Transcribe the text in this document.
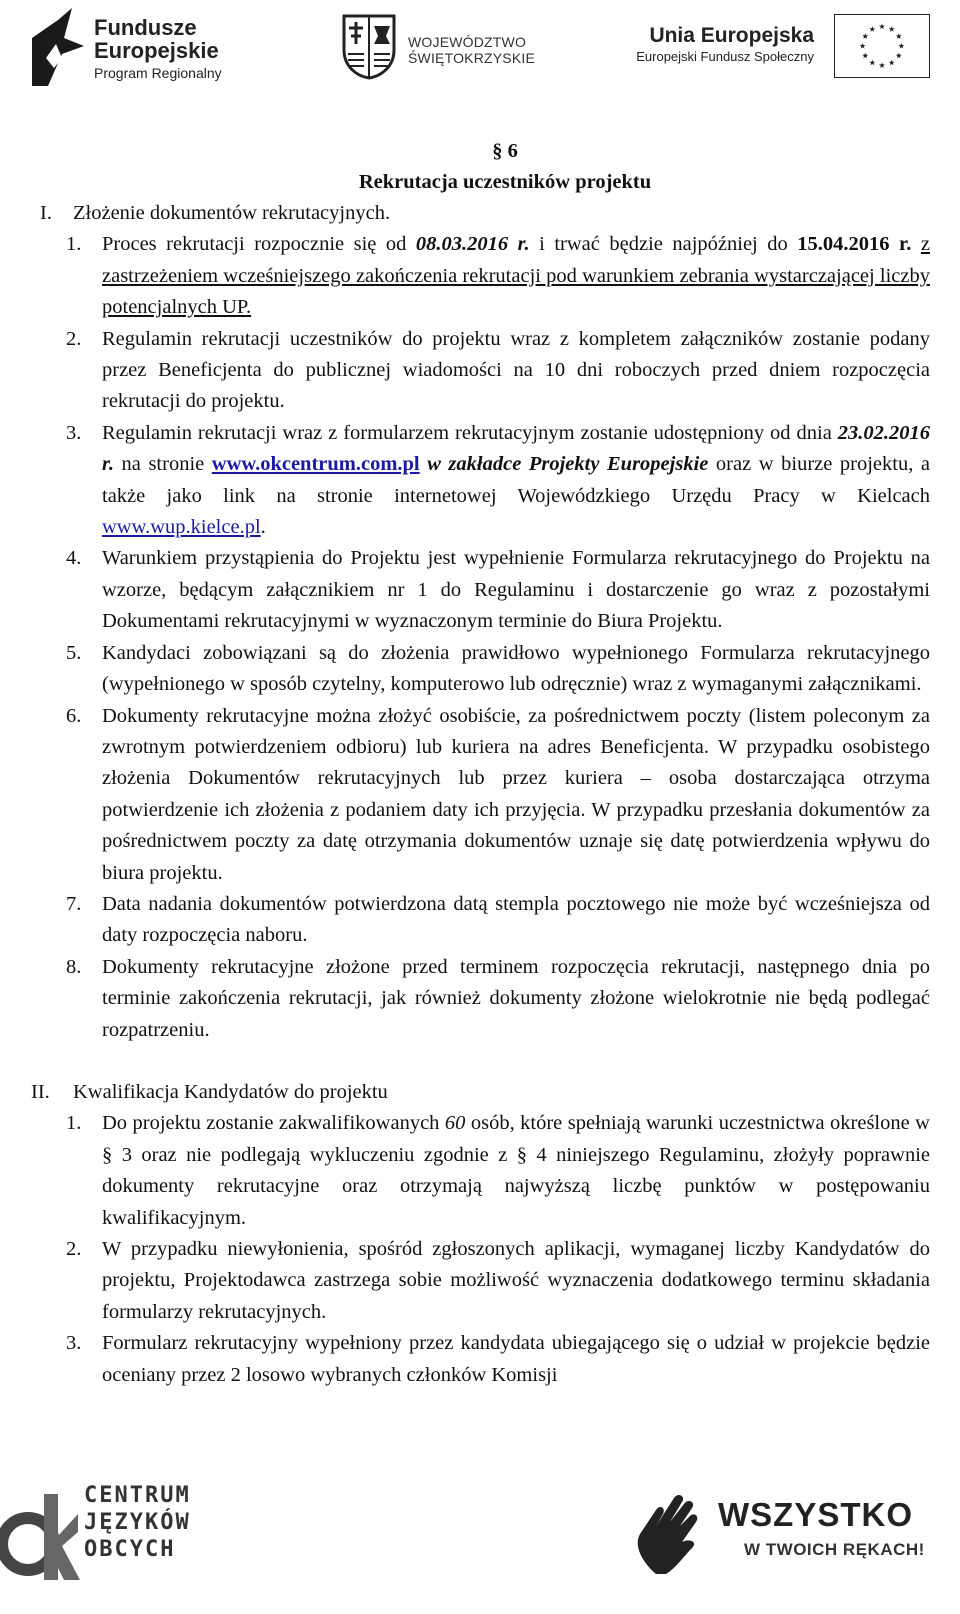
Fundusze
Europejskie
Program Regionalny
WOJEWÓDZTWO
ŚWIĘTOKRZYSKIE
Unia Europejska
Europejski Fundusz Społeczny
§ 6
Rekrutacja uczestników projektu
I. Złożenie dokumentów rekrutacyjnych.
1. Proces rekrutacji rozpocznie się od 08.03.2016 r. i trwać będzie najpóźniej do 15.04.2016 r. z zastrzeżeniem wcześniejszego zakończenia rekrutacji pod warunkiem zebrania wystarczającej liczby potencjalnych UP.
2. Regulamin rekrutacji uczestników do projektu wraz z kompletem załączników zostanie podany przez Beneficjenta do publicznej wiadomości na 10 dni roboczych przed dniem rozpoczęcia rekrutacji do projektu.
3. Regulamin rekrutacji wraz z formularzem rekrutacyjnym zostanie udostępniony od dnia 23.02.2016 r. na stronie www.okcentrum.com.pl w zakładce Projekty Europejskie oraz w biurze projektu, a także jako link na stronie internetowej Wojewódzkiego Urzędu Pracy w Kielcach www.wup.kielce.pl.
4. Warunkiem przystąpienia do Projektu jest wypełnienie Formularza rekrutacyjnego do Projektu na wzorze, będącym załącznikiem nr 1 do Regulaminu i dostarczenie go wraz z pozostałymi Dokumentami rekrutacyjnymi w wyznaczonym terminie do Biura Projektu.
5. Kandydaci zobowiązani są do złożenia prawidłowo wypełnionego Formularza rekrutacyjnego (wypełnionego w sposób czytelny, komputerowo lub odręcznie) wraz z wymaganymi załącznikami.
6. Dokumenty rekrutacyjne można złożyć osobiście, za pośrednictwem poczty (listem poleconym za zwrotnym potwierdzeniem odbioru) lub kuriera na adres Beneficjenta. W przypadku osobistego złożenia Dokumentów rekrutacyjnych lub przez kuriera – osoba dostarczająca otrzyma potwierdzenie ich złożenia z podaniem daty ich przyjęcia. W przypadku przesłania dokumentów za pośrednictwem poczty za datę otrzymania dokumentów uznaje się datę potwierdzenia wpływu do biura projektu.
7. Data nadania dokumentów potwierdzona datą stempla pocztowego nie może być wcześniejsza od daty rozpoczęcia naboru.
8. Dokumenty rekrutacyjne złożone przed terminem rozpoczęcia rekrutacji, następnego dnia po terminie zakończenia rekrutacji, jak również dokumenty złożone wielokrotnie nie będą podlegać rozpatrzeniu.
II. Kwalifikacja Kandydatów do projektu
1. Do projektu zostanie zakwalifikowanych 60 osób, które spełniają warunki uczestnictwa określone w § 3 oraz nie podlegają wykluczeniu zgodnie z § 4 niniejszego Regulaminu, złożyły poprawnie dokumenty rekrutacyjne oraz otrzymają najwyższą liczbę punktów w postępowaniu kwalifikacyjnym.
2. W przypadku niewyłonienia, spośród zgłoszonych aplikacji, wymaganej liczby Kandydatów do projektu, Projektodawca zastrzega sobie możliwość wyznaczenia dodatkowego terminu składania formularzy rekrutacyjnych.
3. Formularz rekrutacyjny wypełniony przez kandydata ubiegającego się o udział w projekcie będzie oceniany przez 2 losowo wybranych członków Komisji
CENTRUM
JĘZYKÓW
OBCYCH
WSZYSTKO
W TWOICH RĘKACH!
